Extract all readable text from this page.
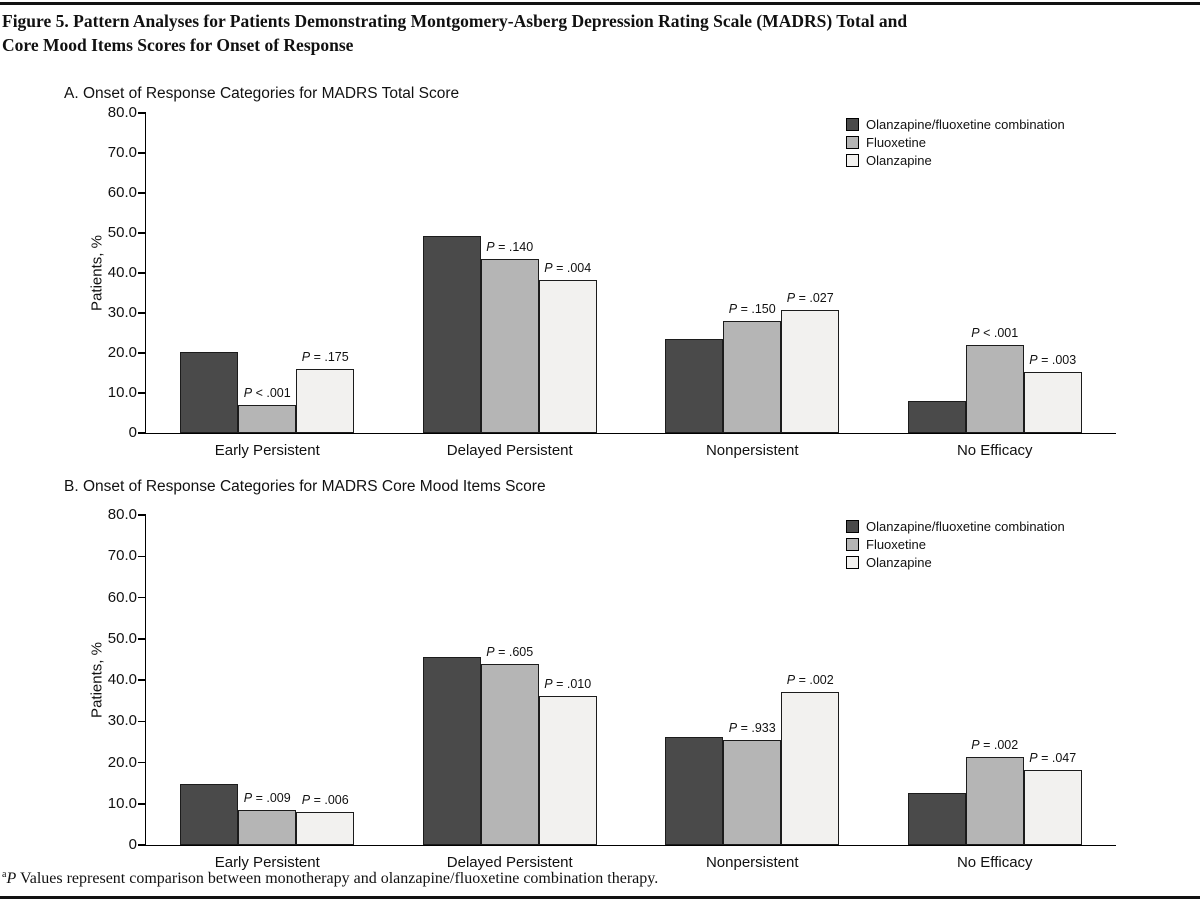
Figure 5. Pattern Analyses for Patients Demonstrating Montgomery-Asberg Depression Rating Scale (MADRS) Total and
Core Mood Items Scores for Onset of Response
A. Onset of Response Categories for MADRS Total Score
Patients, %
80.0
70.0
60.0
50.0
40.0
30.0
20.0
10.0
0
Early Persistent
P < .001
P = .175
Delayed Persistent
P = .140
P = .004
Nonpersistent
P = .150
P = .027
No Efficacy
P < .001
P = .003
Olanzapine/fluoxetine combination
Fluoxetine
Olanzapine
B. Onset of Response Categories for MADRS Core Mood Items Score
Patients, %
80.0
70.0
60.0
50.0
40.0
30.0
20.0
10.0
0
Early Persistent
P = .009 P = .006
Delayed Persistent
P = .605
P = .010
Nonpersistent
P = .933
P = .002
No Efficacy
P = .002
P = .047
Olanzapine/fluoxetine combination
Fluoxetine
Olanzapine
$^a$P Values represent comparison between monotherapy and olanzapine/fluoxetine combination therapy.
